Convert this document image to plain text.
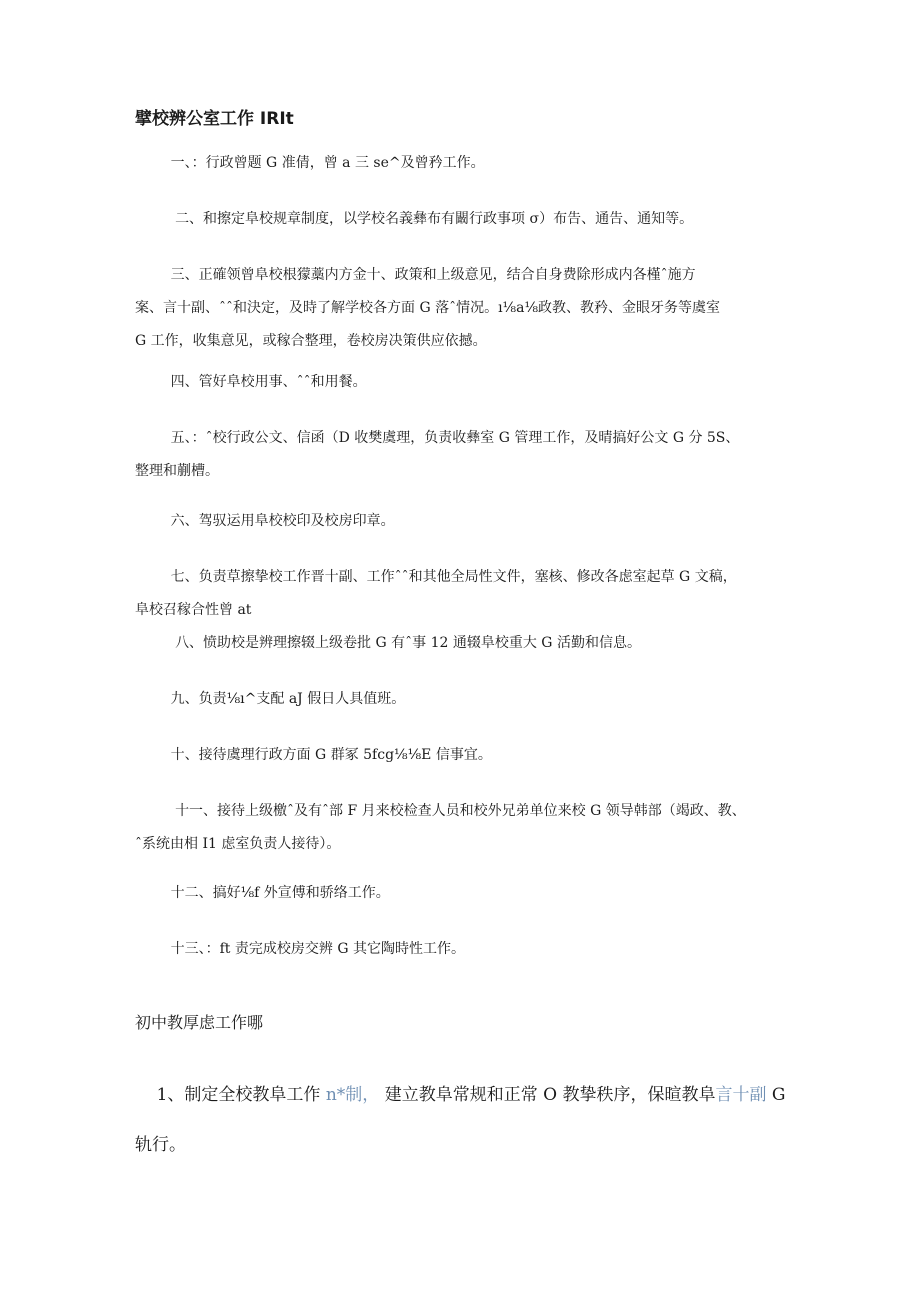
擘校辨公室工作 IRIt
一、：行政曾题 G 准倩，曾 a 三 se^及曾矜工作。
二、和擦定阜校规章制度，以学校名義彝布有闞行政事项 σ）布告、通告、通知等。
三、正確领曾阜校根獴藁内方金十、政策和上级意见，结合自身费除形成内各槿ˆ施方
案、言十副、ˆˆ和決定，及時了解学校各方面 G 落ˆ情况。ı⅛a⅛政教、教矜、金眼牙务等虞室
G 工作，收集意见，或稼合整理，卷校房决策供应依撼。
四、管好阜校用事、ˆˆ和用餐。
五、：ˆ校行政公文、信函（D 收樊虞理，负责收彝室 G 管理工作，及晴搞好公文 G 分 5S、
整理和蒯槽。
六、驾驭运用阜校校印及校房印章。
七、负责草擦挚校工作晋十副、工作ˆˆ和其他全局性文件，塞核、修改各虑室起草 G 文稿，
阜校召稼合性曾 at
八、愤助校是辨理擦辍上级卷批 G 有ˆ事 12 通辍阜校重大 G 活勤和信息。
九、负责⅛ı^支配 aJ 假日人具值班。
十、接待虞理行政方面 G 群冢 5fcg⅛⅛E 信事宜。
十一、接待上级檄ˆ及有ˆ部 F 月来校检查人员和校外兄弟单位来校 G 领导韩部（竭政、教、
ˆ系统由相 I1 虑室负责人接待）。
十二、搞好⅛f 外宣傅和骄络工作。
十三、：ft 责完成校房交辨 G 其它陶時性工作。
初中教厚虑工作哪
1、制定全校教阜工作 n*制， 建立教阜常规和正常 O 教挚秩序，保暄教阜言十副 G
轨行。
